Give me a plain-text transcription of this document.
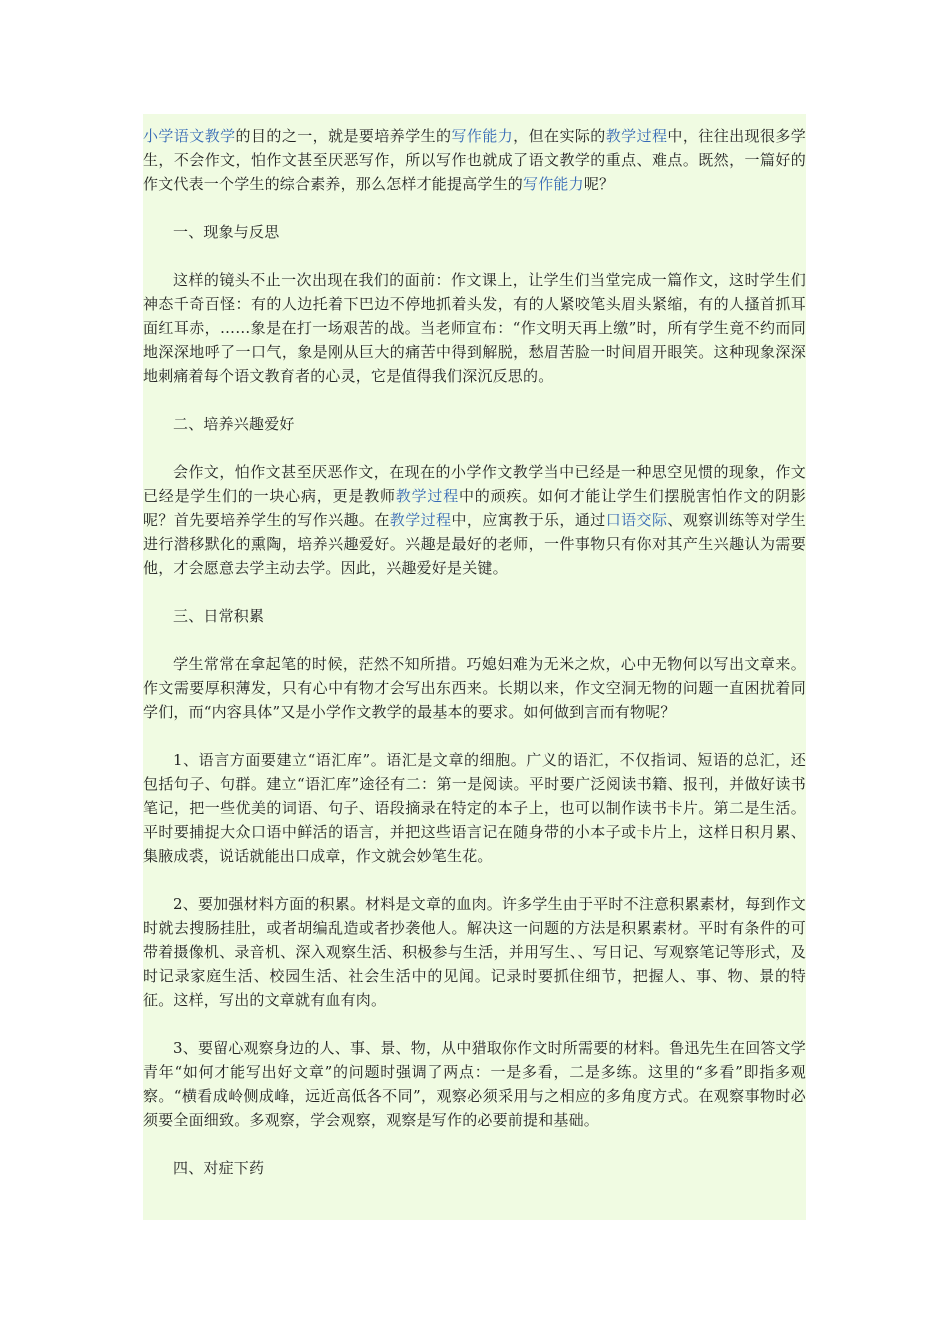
小学语文教学的目的之一，就是要培养学生的写作能力，但在实际的教学过程中，往往出现很多学生，不会作文，怕作文甚至厌恶写作，所以写作也就成了语文教学的重点、难点。既然，一篇好的作文代表一个学生的综合素养，那么怎样才能提高学生的写作能力呢？

一、现象与反思

这样的镜头不止一次出现在我们的面前：作文课上，让学生们当堂完成一篇作文，这时学生们神态千奇百怪：有的人边托着下巴边不停地抓着头发，有的人紧咬笔头眉头紧缩，有的人搔首抓耳面红耳赤，……象是在打一场艰苦的战。当老师宣布：“作文明天再上缴”时，所有学生竟不约而同地深深地呼了一口气，象是刚从巨大的痛苦中得到解脱，愁眉苦脸一时间眉开眼笑。这种现象深深地刺痛着每个语文教育者的心灵，它是值得我们深沉反思的。

二、培养兴趣爱好

会作文，怕作文甚至厌恶作文，在现在的小学作文教学当中已经是一种思空见惯的现象，作文已经是学生们的一块心病，更是教师教学过程中的顽疾。如何才能让学生们摆脱害怕作文的阴影呢？首先要培养学生的写作兴趣。在教学过程中，应寓教于乐，通过口语交际、观察训练等对学生进行潜移默化的熏陶，培养兴趣爱好。兴趣是最好的老师，一件事物只有你对其产生兴趣认为需要他，才会愿意去学主动去学。因此，兴趣爱好是关键。

三、日常积累

学生常常在拿起笔的时候，茫然不知所措。巧媳妇难为无米之炊，心中无物何以写出文章来。作文需要厚积薄发，只有心中有物才会写出东西来。长期以来，作文空洞无物的问题一直困扰着同学们，而“内容具体”又是小学作文教学的最基本的要求。如何做到言而有物呢？

1、语言方面要建立“语汇库”。语汇是文章的细胞。广义的语汇，不仅指词、短语的总汇，还包括句子、句群。建立“语汇库”途径有二：第一是阅读。平时要广泛阅读书籍、报刊，并做好读书笔记，把一些优美的词语、句子、语段摘录在特定的本子上，也可以制作读书卡片。第二是生活。平时要捕捉大众口语中鲜活的语言，并把这些语言记在随身带的小本子或卡片上，这样日积月累、集腋成裘，说话就能出口成章，作文就会妙笔生花。

2、要加强材料方面的积累。材料是文章的血肉。许多学生由于平时不注意积累素材，每到作文时就去搜肠挂肚，或者胡编乱造或者抄袭他人。解决这一问题的方法是积累素材。平时有条件的可带着摄像机、录音机、深入观察生活、积极参与生活，并用写生、、写日记、写观察笔记等形式，及时记录家庭生活、校园生活、社会生活中的见闻。记录时要抓住细节，把握人、事、物、景的特征。这样，写出的文章就有血有肉。

3、要留心观察身边的人、事、景、物，从中猎取你作文时所需要的材料。鲁迅先生在回答文学青年“如何才能写出好文章”的问题时强调了两点：一是多看，二是多练。这里的“多看”即指多观察。“横看成岭侧成峰，远近高低各不同”，观察必须采用与之相应的多角度方式。在观察事物时必须要全面细致。多观察，学会观察，观察是写作的必要前提和基础。

四、对症下药
